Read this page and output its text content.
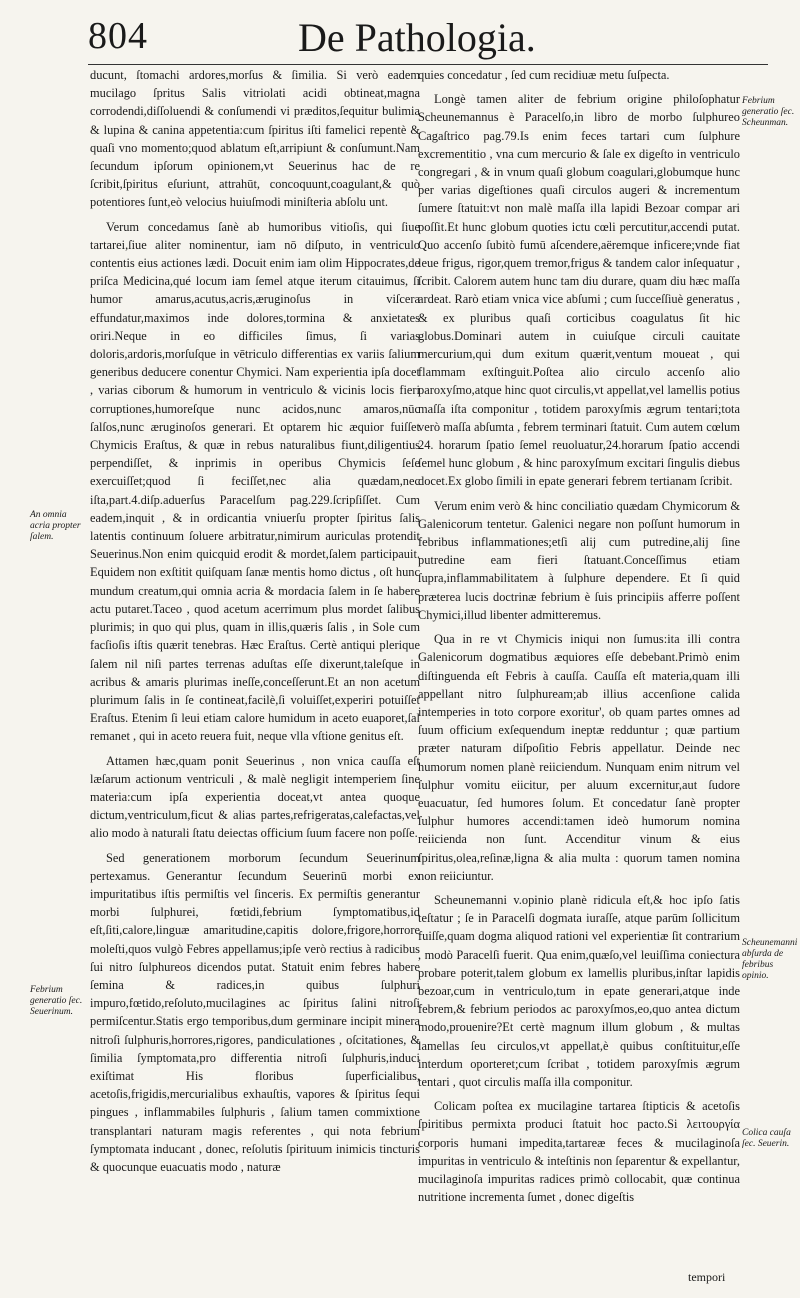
804	De Pathologia.

ducunt, ſtomachi ardores,morſus & ſimilia. Si verò eadem mucilago ſpritus Salis vitriolati acidi obtineat,magna corrodendi,diſſoluendi & conſumendi vi præditos,ſequitur bulimia & lupina & canina appetentia:cum ſpiritus iſti famelici repentè & quaſi vno momento;quod ablatum eſt,arripiunt & conſumunt.Nam ſecundum ipſorum opinionem,vt Seuerinus hac de re ſcribit,ſpiritus eſuriunt, attrahūt, concoquunt,coagulant,& quò potentiores ſunt,eò velocius huiuſmodi miniſteria abſolu unt.

Verum concedamus ſanè ab humoribus vitioſis, qui ſiue tartarei,ſiue aliter nominentur, iam nō diſputo, in ventriculo contentis eius actiones lædi. Docuit enim iam olim Hippocrates,de priſca Medicina,qué locum iam ſemel atque iterum citauimus, ſi humor amarus,acutus,acris,æruginoſus in viſcera effundatur,maximos inde dolores,tormina & anxietates oriri.Neque in eo difficiles ſimus, ſi varias doloris,ardoris,morſuſque in vētriculo differentias ex variis ſalium generibus deducere conentur Chymici. Nam experientia ipſa docet , varias ciborum & humorum in ventriculo & vicinis locis fieri corruptiones,humoreſque nunc acidos,nunc amaros,nūc ſalſos,nunc æruginoſos generari. Et optarem hic æquior fuiſſet Chymicis Eraſtus, & quæ in rebus naturalibus fiunt,diligentius perpendiſſet, & inprimis in operibus Chymicis ſeſe exercuiſſet;quod ſi feciſſet,nec alia quædam,nec iſta,part.4.diſp.aduerſus Paracelſum pag.229.ſcripſiſſet. Cum eadem,inquit , & in ordicantia vniuerſu propter ſpiritus ſalis latentis continuum ſoluere arbitratur,nimirum auriculas protendit Seuerinus.Non enim quicquid erodit & mordet,ſalem participauit. Equidem non exſtitit quiſquam ſanæ mentis homo dictus , oſt hunc mundum creatum,qui omnia acria & mordacia ſalem in ſe habere actu putaret.Taceo , quod acetum acerrimum plus mordet ſalibus plurimis; in quo qui plus, quam in illis,quæris ſalis , in Sole cum facſioſis iſtis quærit tenebras. Hæc Eraſtus. Certè antiqui plerique ſalem nil niſi partes terrenas aduſtas eſſe dixerunt,taleſque in acribus & amaris plurimas ineſſe,conceſſerunt.Et an non acetum plurimum ſalis in ſe contineat,facilè,ſi voluiſſet,experiri potuiſſet Eraſtus. Etenim ſi leui etiam calore humidum in aceto euaporet,ſal remanet , qui in aceto reuera fuit, neque vlla vſtione genitus eſt.

Attamen hæc,quam ponit Seuerinus , non vnica cauſſa eſt læſarum actionum ventriculi , & malè negligit intemperiem ſine materia:cum ipſa experientia doceat,vt antea quoque dictum,ventriculum,ficut & alias partes,refrigeratas,calefactas,vel alio modo à naturali ſtatu deiectas officium ſuum facere non poſſe.

Sed generationem morborum ſecundum Seuerinum pertexamus. Generantur ſecundum Seuerinū morbi ex impuritatibus iſtis permiſtis vel ſinceris. Ex permiſtis generantur morbi ſulphurei, fœtidi,febrium ſymptomatibus,id eſt,ſiti,calore,linguæ amaritudine,capitis dolore,frigore,horrore moleſti,quos vulgò Febres appellamus;ipſe verò rectius à radicibus ſui nitro ſulphureos dicendos putat. Statuit enim febres habere ſemina & radices,in quibus ſulphuri impuro,fœtido,reſoluto,mucilagines ac ſpiritus ſalini nitroſi permiſcentur.Statis ergo temporibus,dum germinare incipit minera nitroſi ſulphuris,horrores,rigores, pandiculationes , oſcitationes, & ſimilia ſymptomata,pro differentia nitroſi ſulphuris,induci exiſtimat His floribus ſuperficialibus, acetoſis,frigidis,mercurialibus exhauſtis, vapores & ſpiritus ſequi pingues , inflammabiles ſulphuris , ſalium tamen commixtione transplantari naturam magis referentes , qui nota febrium ſymptomata inducant , donec, reſolutis ſpirituum inimicis tincturis & quocunque euacuatis modo , naturæ

quies concedatur , ſed cum recidiuæ metu ſuſpecta.

Longè tamen aliter de febrium origine philoſophatur Scheunemannus è Paracelſo,in libro de morbo ſulphureo Cagaſtrico pag.79.Is enim feces tartari cum ſulphure excrementitio , vna cum mercurio & ſale ex digeſto in ventriculo congregari , & in vnum quaſi globum coagulari,globumque hunc per varias digeſtiones quaſi circulos augeri & incrementum ſumere ſtatuit:vt non malè maſſa illa lapidi Bezoar compar ari poſſit.Et hunc globum quoties ictu cœli percutitur,accendi putat. Quo accenſo ſubitò fumū aſcendere,aëremque inficere;vnde fiat leue frigus, rigor,quem tremor,frigus & tandem calor inſequatur , ſcribit. Calorem autem hunc tam diu durare, quam diu hæc maſſa ardeat. Rarò etiam vnica vice abſumi ; cum ſucceſſiuè generatus , & ex pluribus quaſi corticibus coagulatus ſit hic globus.Dominari autem in cuiuſque circuli cauitate mercurium,qui dum exitum quærit,ventum moueat , qui flammam exſtinguit.Poſtea alio circulo accenſo alio paroxyſmo,atque hinc quot circulis,vt appellat,vel lamellis potius maſſa iſta componitur , totidem paroxyſmis ægrum tentari;tota verò maſſa abſumta , febrem terminari ſtatuit. Cum autem cœlum 24. horarum ſpatio ſemel reuoluatur,24.horarum ſpatio accendi ſemel hunc globum , & hinc paroxyſmum excitari ſingulis diebus docet.Ex globo ſimili in epate generari febrem tertianam ſcribit.

Verum enim verò & hinc conciliatio quædam Chymicorum & Galenicorum tentetur. Galenici negare non poſſunt humorum in febribus inflammationes;etſi alij cum putredine,alij ſine putredine eam fieri ſtatuant.Conceſſimus etiam ſupra,inflammabilitatem à ſulphure dependere. Et ſi quid præterea lucis doctrinæ febrium è ſuis principiis afferre poſſent Chymici,illud libenter admitteremus.

Qua in re vt Chymicis iniqui non ſumus:ita illi contra Galenicorum dogmatibus æquiores eſſe debebant.Primò enim diſtinguenda eſt Febris à cauſſa. Cauſſa eſt materia,quam illi appellant nitro ſulphuream;ab illius accenſione calida intemperies in toto corpore exoritur', ob quam partes omnes ad ſuum officium exſequendum ineptæ redduntur ; quæ partium præter naturam diſpoſitio Febris appellatur. Deinde nec humorum nomen planè reiiciendum. Nunquam enim nitrum vel ſulphur vomitu eiicitur, per aluum excernitur,aut ſudore euacuatur, ſed humores ſolum. Et concedatur ſanè propter ſulphur humores accendi:tamen ideò humorum nomina reiicienda non ſunt. Accenditur vinum & eius ſpiritus,olea,reſinæ,ligna & alia multa : quorum tamen nomina non reiiciuntur.

Scheunemanni v.opinio planè ridicula eſt,& hoc ipſo ſatis teſtatur ; ſe in Paracelſi dogmata iuraſſe, atque parūm ſollicitum fuiſſe,quam dogma aliquod rationi vel experientiæ ſit contrarium , modò Paracelſi fuerit. Qua enim,quæſo,vel leuiſſima coniectura probare poterit,talem globum ex lamellis pluribus,inſtar lapidis bezoar,cum in ventriculo,tum in epate generari,atque inde febrem,& febrium periodos ac paroxyſmos,eo,quo antea dictum modo,prouenire?Et certè magnum illum globum , & multas lamellas ſeu circulos,vt appellat,è quibus conſtituitur,eſſe interdum oporteret;cum ſcribat , totidem paroxyſmis ægrum tentari , quot circulis maſſa illa componitur.

Colicam poſtea ex mucilagine tartarea ſtipticis & acetoſis ſpiritibus permixta produci ſtatuit hoc pacto.Si λειτουργία corporis humani impedita,tartareæ feces & mucilaginoſa impuritas in ventriculo & inteſtinis non ſeparentur & expellantur, mucilaginoſa impuritas radices primò collocabit, quæ continua nutritione incrementa ſumet , donec digeſtis

An omnia acria propter ſalem.
Febrium generatio ſec. Seuerinum.
Febrium generatio ſec. Scheunman.
Scheunemanni abſurda de febribus opinio.
Colica cauſa ſec. Seuerin.
tempori
